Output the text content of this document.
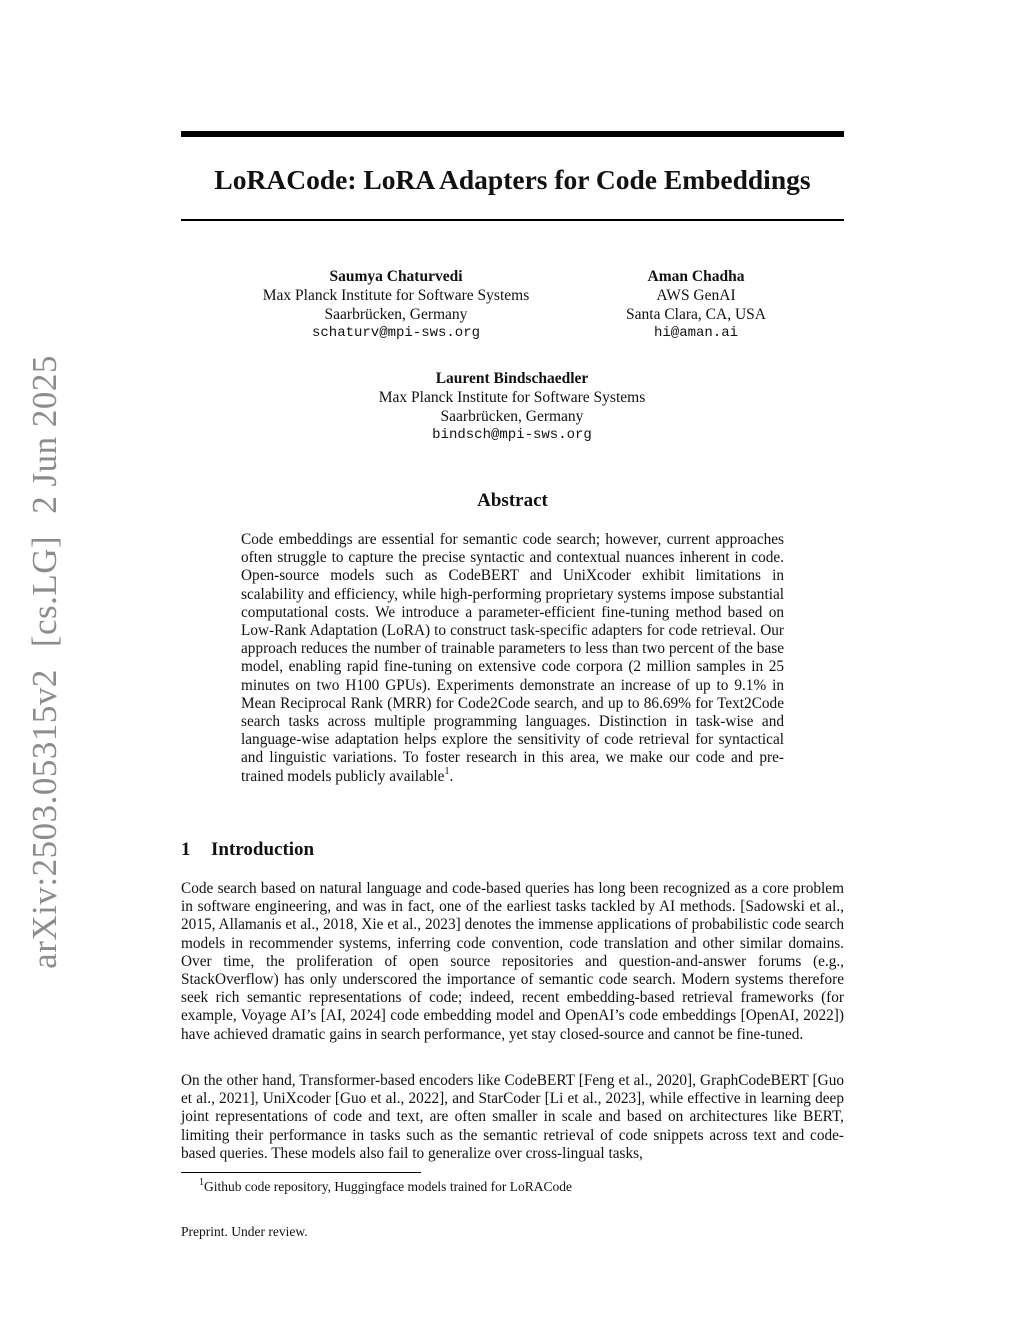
arXiv:2503.05315v2[cs.LG]2 Jun 2025
LoRACode: LoRA Adapters for Code Embeddings
Saumya Chaturvedi
Max Planck Institute for Software Systems
Saarbrücken, Germany
schaturv@mpi-sws.org
Aman Chadha
AWS GenAI
Santa Clara, CA, USA
hi@aman.ai
Laurent Bindschaedler
Max Planck Institute for Software Systems
Saarbrücken, Germany
bindsch@mpi-sws.org
Abstract
Code embeddings are essential for semantic code search; however, current approaches often struggle to capture the precise syntactic and contextual nuances inherent in code. Open-source models such as CodeBERT and UniXcoder exhibit limitations in scalability and efficiency, while high-performing proprietary systems impose substantial computational costs. We introduce a parameter-efficient fine-tuning method based on Low-Rank Adaptation (LoRA) to construct task-specific adapters for code retrieval. Our approach reduces the number of trainable parameters to less than two percent of the base model, enabling rapid fine-tuning on extensive code corpora (2 million samples in 25 minutes on two H100 GPUs). Experiments demonstrate an increase of up to 9.1% in Mean Reciprocal Rank (MRR) for Code2Code search, and up to 86.69% for Text2Code search tasks across multiple programming languages. Distinction in task-wise and language-wise adaptation helps explore the sensitivity of code retrieval for syntactical and linguistic variations. To foster research in this area, we make our code and pre-trained models publicly available$^1$.
1 Introduction

Code search based on natural language and code-based queries has long been recognized as a core problem in software engineering, and was in fact, one of the earliest tasks tackled by AI methods. [Sadowski et al., 2015, Allamanis et al., 2018, Xie et al., 2023] denotes the immense applications of probabilistic code search models in recommender systems, inferring code convention, code translation and other similar domains. Over time, the proliferation of open source repositories and question-and-answer forums (e.g., StackOverflow) has only underscored the importance of semantic code search. Modern systems therefore seek rich semantic representations of code; indeed, recent embedding-based retrieval frameworks (for example, Voyage AI’s [AI, 2024] code embedding model and OpenAI’s code embeddings [OpenAI, 2022]) have achieved dramatic gains in search performance, yet stay closed-source and cannot be fine-tuned.

On the other hand, Transformer-based encoders like CodeBERT [Feng et al., 2020], GraphCodeBERT [Guo et al., 2021], UniXcoder [Guo et al., 2022], and StarCoder [Li et al., 2023], while effective in learning deep joint representations of code and text, are often smaller in scale and based on architectures like BERT, limiting their performance in tasks such as the semantic retrieval of code snippets across text and code-based queries. These models also fail to generalize over cross-lingual tasks,

$^1$Github code repository, Huggingface models trained for LoRACode
Preprint. Under review.
